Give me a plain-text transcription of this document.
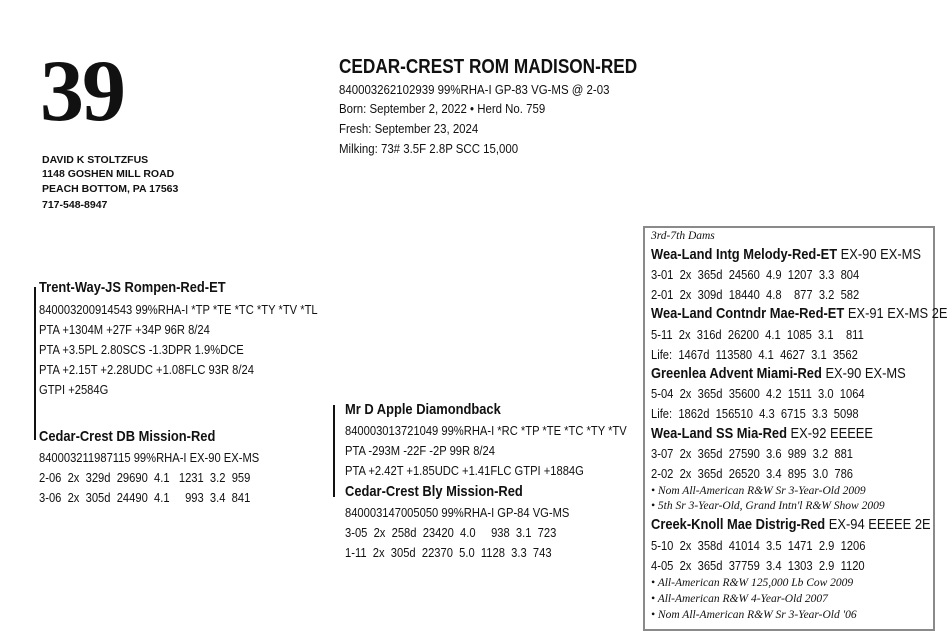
39
DAVID K STOLTZFUS
1148 GOSHEN MILL ROAD
PEACH BOTTOM, PA 17563
717-548-8947
CEDAR-CREST ROM MADISON-RED
840003262102939 99%RHA-I GP-83 VG-MS @ 2-03
Born: September 2, 2022 • Herd No. 759
Fresh: September 23, 2024
Milking: 73# 3.5F 2.8P SCC 15,000
Trent-Way-JS Rompen-Red-ET
840003200914543 99%RHA-I *TP *TE *TC *TY *TV *TL
PTA +1304M +27F +34P 96R 8/24
PTA +3.5PL 2.80SCS -1.3DPR 1.9%DCE
PTA +2.15T +2.28UDC +1.08FLC 93R 8/24
GTPI +2584G
Cedar-Crest DB Mission-Red
840003211987115 99%RHA-I EX-90 EX-MS
2-06  2x  329d  29690  4.1   1231  3.2  959
3-06  2x  305d  24490  4.1     993  3.4  841
Mr D Apple Diamondback
840003013721049 99%RHA-I *RC *TP *TE *TC *TY *TV
PTA -293M -22F -2P 99R 8/24
PTA +2.42T +1.85UDC +1.41FLC GTPI +1884G
Cedar-Crest Bly Mission-Red
840003147005050 99%RHA-I GP-84 VG-MS
3-05  2x  258d  23420  4.0     938  3.1  723
1-11  2x  305d  22370  5.0  1128  3.3  743
3rd-7th Dams
Wea-Land Intg Melody-Red-ET EX-90 EX-MS
3-01  2x  365d  24560  4.9  1207  3.3  804
2-01  2x  309d  18440  4.8    877  3.2  582
Wea-Land Contndr Mae-Red-ET EX-91 EX-MS 2E
5-11  2x  316d  26200  4.1  1085  3.1    811
Life:  1467d  113580  4.1  4627  3.1  3562
Greenlea Advent Miami-Red EX-90 EX-MS
5-04  2x  365d  35600  4.2  1511  3.0  1064
Life:  1862d  156510  4.3  6715  3.3  5098
Wea-Land SS Mia-Red EX-92 EEEEE
3-07  2x  365d  27590  3.6  989  3.2  881
2-02  2x  365d  26520  3.4  895  3.0  786
• Nom All-American R&W Sr 3-Year-Old 2009
• 5th Sr 3-Year-Old, Grand Intn'l R&W Show 2009
Creek-Knoll Mae Distrig-Red EX-94 EEEEE 2E
5-10  2x  358d  41014  3.5  1471  2.9  1206
4-05  2x  365d  37759  3.4  1303  2.9  1120
• All-American R&W 125,000 Lb Cow 2009
• All-American R&W 4-Year-Old 2007
• Nom All-American R&W Sr 3-Year-Old '06
